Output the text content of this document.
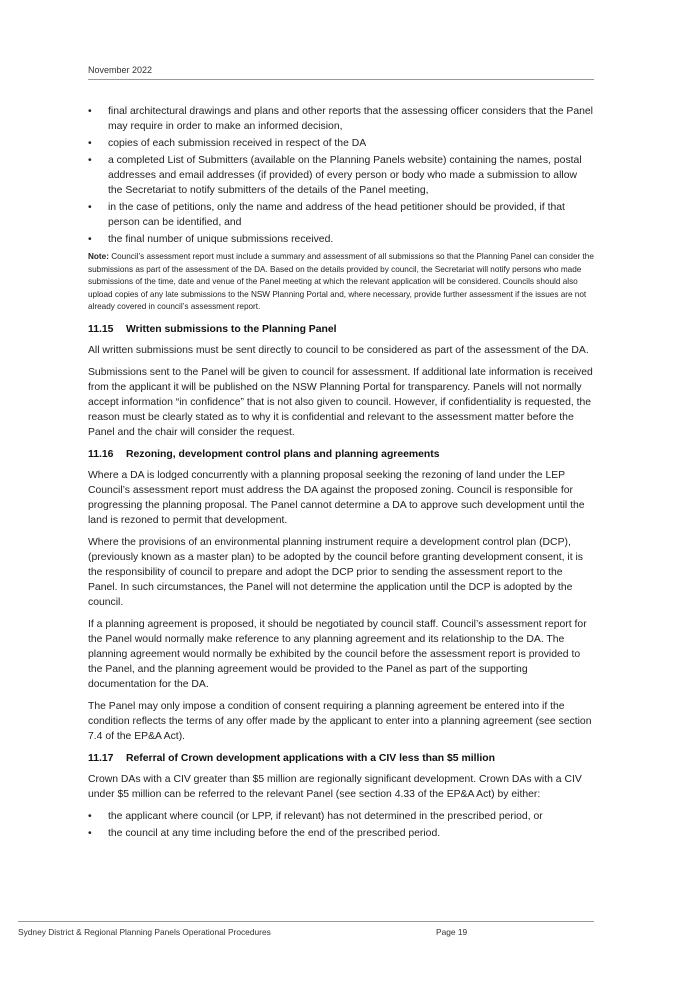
November 2022
• final architectural drawings and plans and other reports that the assessing officer considers that the Panel may require in order to make an informed decision,
• copies of each submission received in respect of the DA
• a completed List of Submitters (available on the Planning Panels website) containing the names, postal addresses and email addresses (if provided) of every person or body who made a submission to allow the Secretariat to notify submitters of the details of the Panel meeting,
• in the case of petitions, only the name and address of the head petitioner should be provided, if that person can be identified, and
• the final number of unique submissions received.
Note: Council’s assessment report must include a summary and assessment of all submissions so that the Planning Panel can consider the submissions as part of the assessment of the DA. Based on the details provided by council, the Secretariat will notify persons who made submissions of the time, date and venue of the Panel meeting at which the relevant application will be considered. Councils should also upload copies of any late submissions to the NSW Planning Portal and, where necessary, provide further assessment if the issues are not already covered in council’s assessment report.
11.15 Written submissions to the Planning Panel

All written submissions must be sent directly to council to be considered as part of the assessment of the DA.

Submissions sent to the Panel will be given to council for assessment. If additional late information is received from the applicant it will be published on the NSW Planning Portal for transparency. Panels will not normally accept information “in confidence” that is not also given to council. However, if confidentiality is requested, the reason must be clearly stated as to why it is confidential and relevant to the assessment matter before the Panel and the chair will consider the request.

11.16 Rezoning, development control plans and planning agreements

Where a DA is lodged concurrently with a planning proposal seeking the rezoning of land under the LEP Council’s assessment report must address the DA against the proposed zoning. Council is responsible for progressing the planning proposal. The Panel cannot determine a DA to approve such development until the land is rezoned to permit that development.

Where the provisions of an environmental planning instrument require a development control plan (DCP), (previously known as a master plan) to be adopted by the council before granting development consent, it is the responsibility of council to prepare and adopt the DCP prior to sending the assessment report to the Panel. In such circumstances, the Panel will not determine the application until the DCP is adopted by the council.

If a planning agreement is proposed, it should be negotiated by council staff. Council’s assessment report for the Panel would normally make reference to any planning agreement and its relationship to the DA. The planning agreement would normally be exhibited by the council before the assessment report is provided to the Panel, and the planning agreement would be provided to the Panel as part of the supporting documentation for the DA.

The Panel may only impose a condition of consent requiring a planning agreement be entered into if the condition reflects the terms of any offer made by the applicant to enter into a planning agreement (see section 7.4 of the EP&A Act).

11.17 Referral of Crown development applications with a CIV less than $5 million

Crown DAs with a CIV greater than $5 million are regionally significant development. Crown DAs with a CIV under $5 million can be referred to the relevant Panel (see section 4.33 of the EP&A Act) by either:

• the applicant where council (or LPP, if relevant) has not determined in the prescribed period, or
• the council at any time including before the end of the prescribed period.
Sydney District & Regional Planning Panels Operational Procedures	Page 19
